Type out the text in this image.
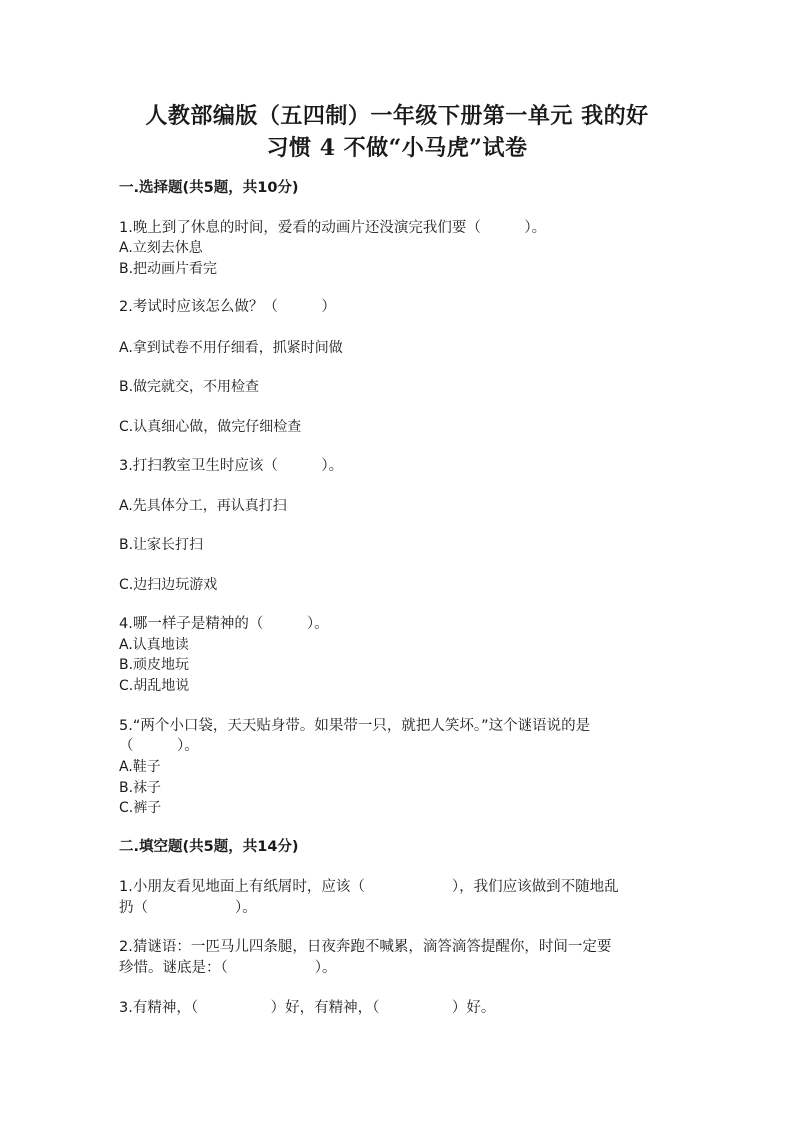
人教部编版（五四制）一年级下册第一单元 我的好
习惯 4 不做“小马虎”试卷
一.选择题(共5题，共10分)
1.晚上到了休息的时间，爱看的动画片还没演完我们要（　　　）。
A.立刻去休息
B.把动画片看完
2.考试时应该怎么做？（　　　）
A.拿到试卷不用仔细看，抓紧时间做
B.做完就交，不用检查
C.认真细心做，做完仔细检查
3.打扫教室卫生时应该（　　　）。
A.先具体分工，再认真打扫
B.让家长打扫
C.边扫边玩游戏
4.哪一样子是精神的（　　　）。
A.认真地读
B.顽皮地玩
C.胡乱地说
5.“两个小口袋，天天贴身带。如果带一只，就把人笑坏。”这个谜语说的是
（　　　）。
A.鞋子
B.袜子
C.裤子
二.填空题(共5题，共14分)
1.小朋友看见地面上有纸屑时，应该（　　　　　　），我们应该做到不随地乱
扔（　　　　　　）。
2.猜谜语：一匹马儿四条腿，日夜奔跑不喊累，滴答滴答提醒你，时间一定要
珍惜。谜底是：（　　　　　　）。
3.有精神，（　　　　　）好，有精神，（　　　　　）好。
